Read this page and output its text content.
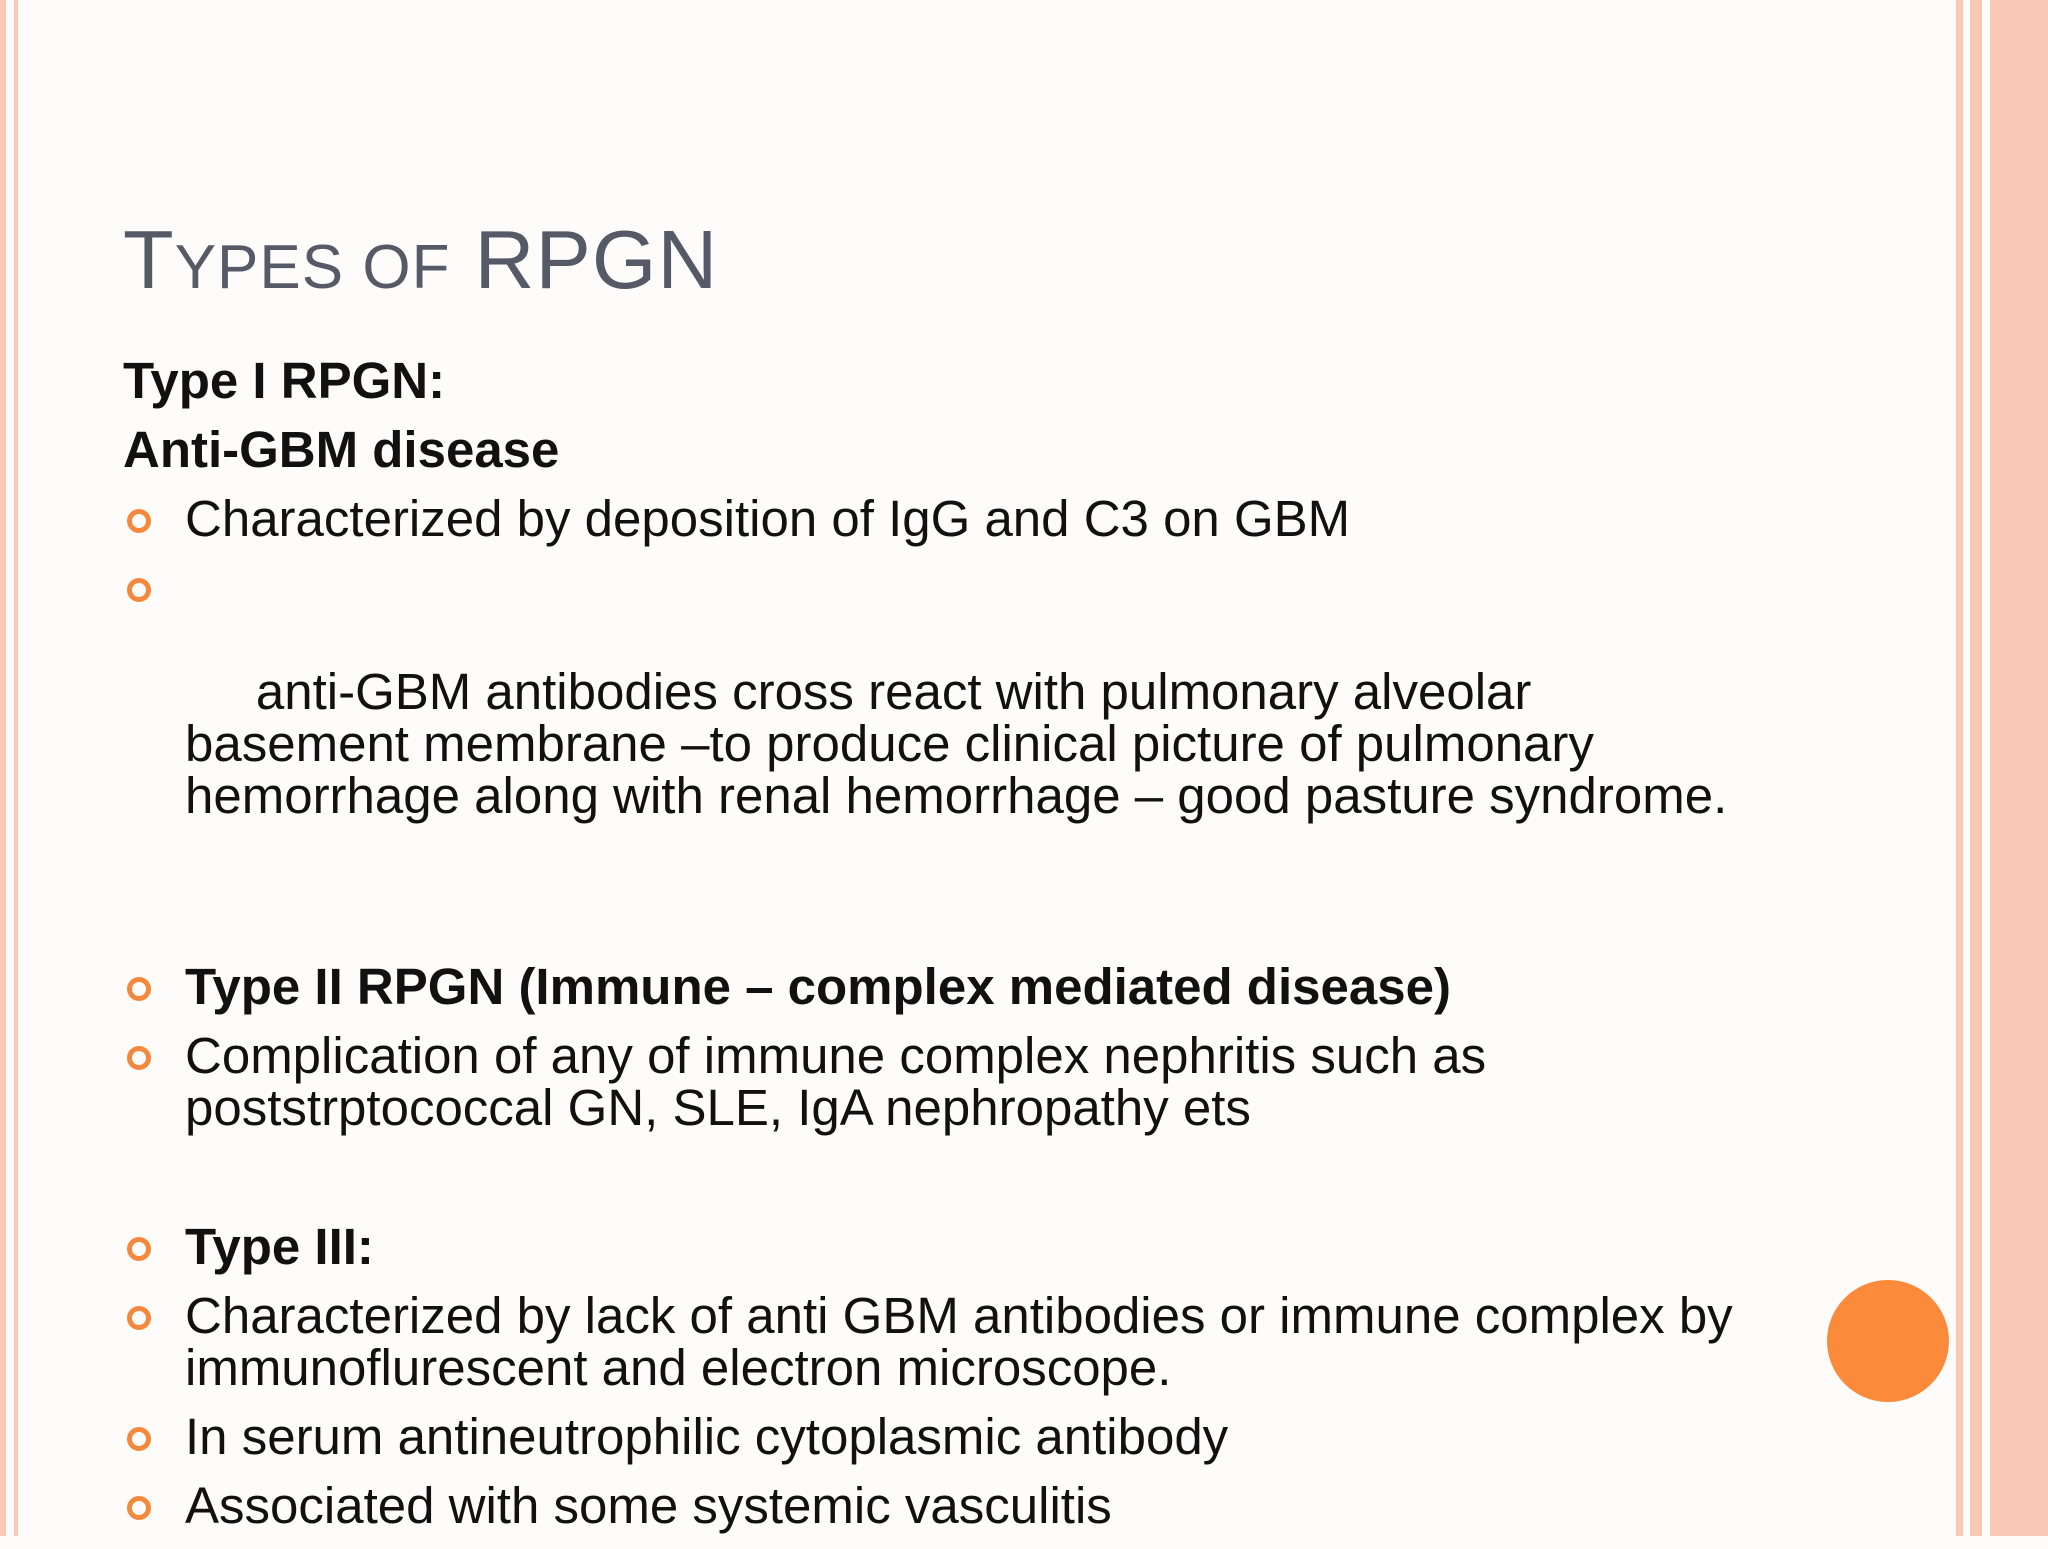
TYPES OF RPGN
Type I RPGN:
Anti-GBM disease
Characterized by deposition of IgG and C3 on GBM

anti-GBM antibodies cross react with pulmonary alveolar basement membrane –to produce clinical picture of pulmonary hemorrhage along with renal hemorrhage – good pasture syndrome.

Type II RPGN (Immune – complex mediated disease)
Complication of any of immune complex nephritis such as poststrptococcal GN, SLE, IgA nephropathy ets
Type III:
Characterized by lack of anti GBM antibodies or immune complex by immunoflurescent and electron microscope.
In serum antineutrophilic cytoplasmic antibody
Associated with some systemic vasculitis
